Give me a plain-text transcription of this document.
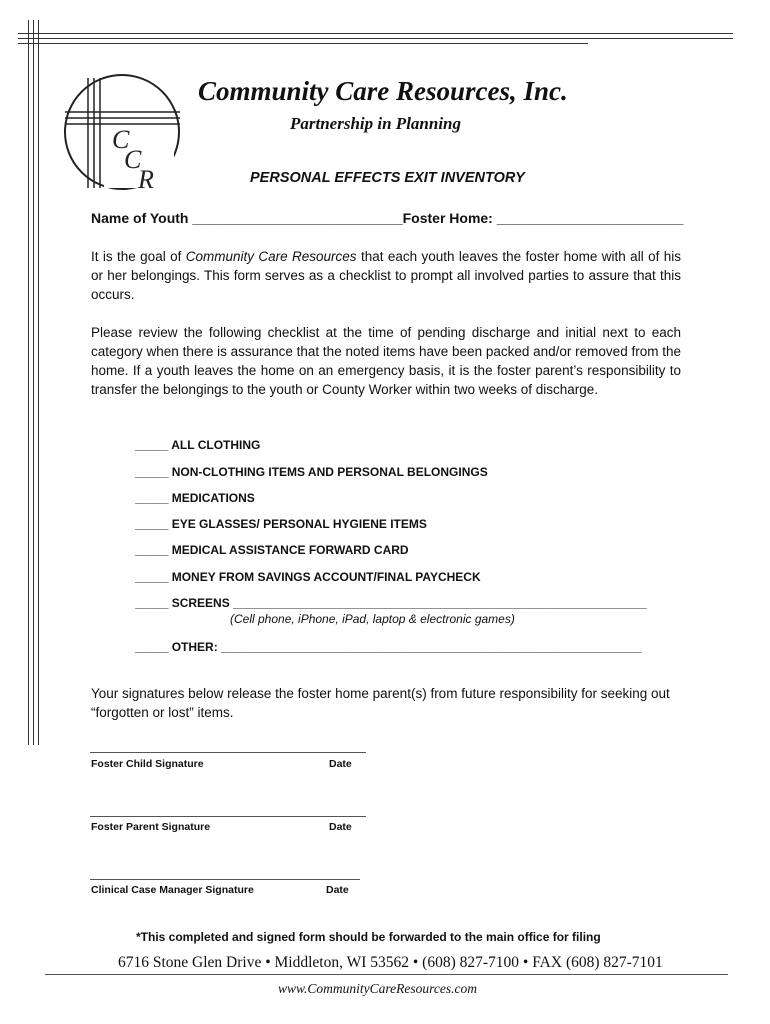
C
C
R
Community Care Resources, Inc.
Partnership in Planning
PERSONAL EFFECTS EXIT INVENTORY
Name of Youth ___________________________Foster Home: ________________________
It is the goal of Community Care Resources that each youth leaves the foster home with all of his or her belongings. This form serves as a checklist to prompt all involved parties to assure that this occurs.
Please review the following checklist at the time of pending discharge and initial next to each category when there is assurance that the noted items have been packed and/or removed from the home. If a youth leaves the home on an emergency basis, it is the foster parent’s responsibility to transfer the belongings to the youth or County Worker within two weeks of discharge.
_____ ALL CLOTHING
_____ NON-CLOTHING ITEMS AND PERSONAL BELONGINGS
_____ MEDICATIONS
_____ EYE GLASSES/ PERSONAL HYGIENE ITEMS
_____ MEDICAL ASSISTANCE FORWARD CARD
_____ MONEY FROM SAVINGS ACCOUNT/FINAL PAYCHECK
_____ SCREENS ______________________________________________________________
(Cell phone, iPhone, iPad, laptop & electronic games)
_____ OTHER: _______________________________________________________________
Your signatures below release the foster home parent(s) from future responsibility for seeking out “forgotten or lost” items.
Foster Child Signature	Date
Foster Parent Signature	Date
Clinical Case Manager Signature	Date
*This completed and signed form should be forwarded to the main office for filing
6716 Stone Glen Drive • Middleton, WI 53562 • (608) 827-7100 • FAX (608) 827-7101
www.CommunityCareResources.com
